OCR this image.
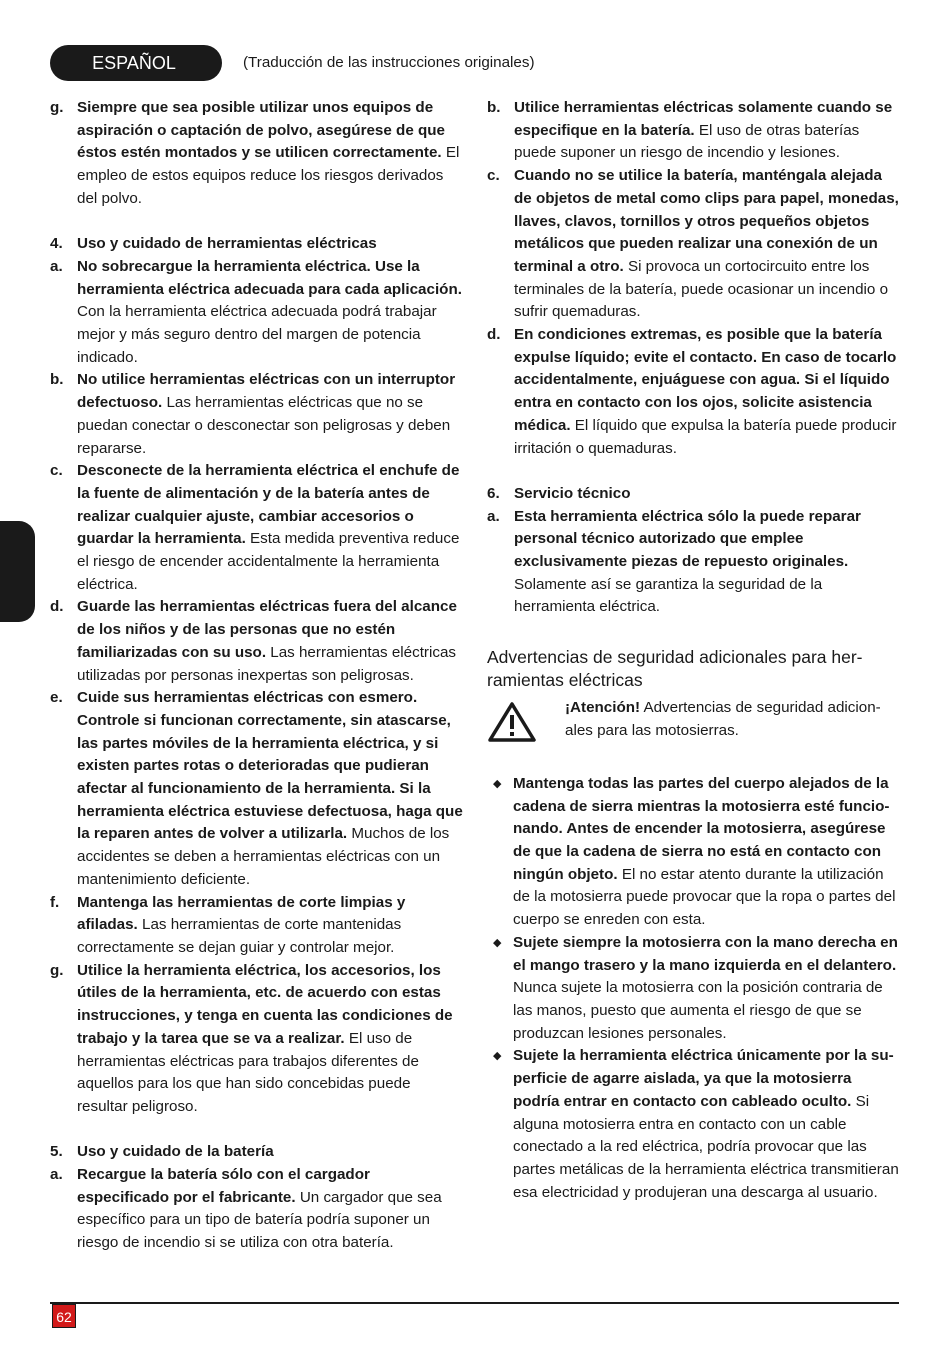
ESPAÑOL	(Traducción de las instrucciones originales)
g. Siempre que sea posible utilizar unos equipos de aspiración o captación de polvo, asegúrese de que éstos estén montados y se utilicen correctamente. El empleo de estos equipos reduce los riesgos derivados del polvo.
4. Uso y cuidado de herramientas eléctricas
a. No sobrecargue la herramienta eléctrica. Use la herramienta eléctrica adecuada para cada aplicación. Con la herramienta eléctrica adecuada podrá trabajar mejor y más seguro dentro del margen de potencia indicado.
b. No utilice herramientas eléctricas con un interruptor defectuoso. Las herramientas eléctricas que no se puedan conectar o desconectar son peligrosas y deben repararse.
c. Desconecte de la herramienta eléctrica el enchufe de la fuente de alimentación y de la batería antes de realizar cualquier ajuste, cambiar accesorios o guardar la herramienta. Esta medida preventiva reduce el riesgo de encender accidentalmente la herramienta eléctrica.
d. Guarde las herramientas eléctricas fuera del alcance de los niños y de las personas que no estén familiarizadas con su uso. Las herramientas eléctricas utilizadas por personas inexpertas son peligrosas.
e. Cuide sus herramientas eléctricas con esmero. Controle si funcionan correctamente, sin atascarse, las partes móviles de la herramienta eléctrica, y si existen partes rotas o deterioradas que pudieran afectar al funcionamiento de la herramienta. Si la herramienta eléctrica estuviese defectuosa, haga que la reparen antes de volver a utilizarla. Muchos de los accidentes se deben a herramientas eléctricas con un mantenimiento deficiente.
f.	Mantenga las herramientas de corte limpias y afiladas. Las herramientas de corte mantenidas correctamente se dejan guiar y controlar mejor.
g. Utilice la herramienta eléctrica, los accesorios, los útiles de la herramienta, etc. de acuerdo con estas instrucciones, y tenga en cuenta las condiciones de trabajo y la tarea que se va a realizar. El uso de herramientas eléctricas para trabajos diferentes de aquellos para los que han sido concebidas puede resultar peligroso.
5. Uso y cuidado de la batería
a. Recargue la batería sólo con el cargador especificado por el fabricante. Un cargador que sea específico para un tipo de batería podría suponer un riesgo de incendio si se utiliza con otra batería.
b. Utilice herramientas eléctricas solamente cuando se especifique en la batería. El uso de otras baterías puede suponer un riesgo de incendio y lesiones.
c. Cuando no se utilice la batería, manténgala alejada de objetos de metal como clips para papel, monedas, llaves, clavos, tornillos y otros pequeños objetos metálicos que pueden realizar una conexión de un terminal a otro. Si provoca un cortocircuito entre los terminales de la batería, puede ocasionar un incendio o sufrir quemaduras.
d. En condiciones extremas, es posible que la batería expulse líquido; evite el contacto. En caso de tocarlo accidentalmente, enjuáguese con agua. Si el líquido entra en contacto con los ojos, solicite asistencia médica. El líquido que expulsa la batería puede producir irritación o quemaduras.
6. Servicio técnico
a. Esta herramienta eléctrica sólo la puede reparar personal técnico autorizado que emplee exclusivamente piezas de repuesto originales. Solamente así se garantiza la seguridad de la herramienta eléctrica.
Advertencias de seguridad adicionales para her-ramientas eléctricas
¡Atención! Advertencias de seguridad adicion-ales para las motosierras.
◆ Mantenga todas las partes del cuerpo alejados de la cadena de sierra mientras la motosierra esté funcio-nando. Antes de encender la motosierra, asegúrese de que la cadena de sierra no está en contacto con ningún objeto. El no estar atento durante la utilización de la motosierra puede provocar que la ropa o partes del cuerpo se enreden con esta.
◆ Sujete siempre la motosierra con la mano derecha en el mango trasero y la mano izquierda en el delantero. Nunca sujete la motosierra con la posición contraria de las manos, puesto que aumenta el riesgo de que se produzcan lesiones personales.
◆ Sujete la herramienta eléctrica únicamente por la su-perficie de agarre aislada, ya que la motosierra podría entrar en contacto con cableado oculto. Si alguna motosierra entra en contacto con un cable conectado a la red eléctrica, podría provocar que las partes metálicas de la herramienta eléctrica transmitieran esa electricidad y produjeran una descarga al usuario.
62
